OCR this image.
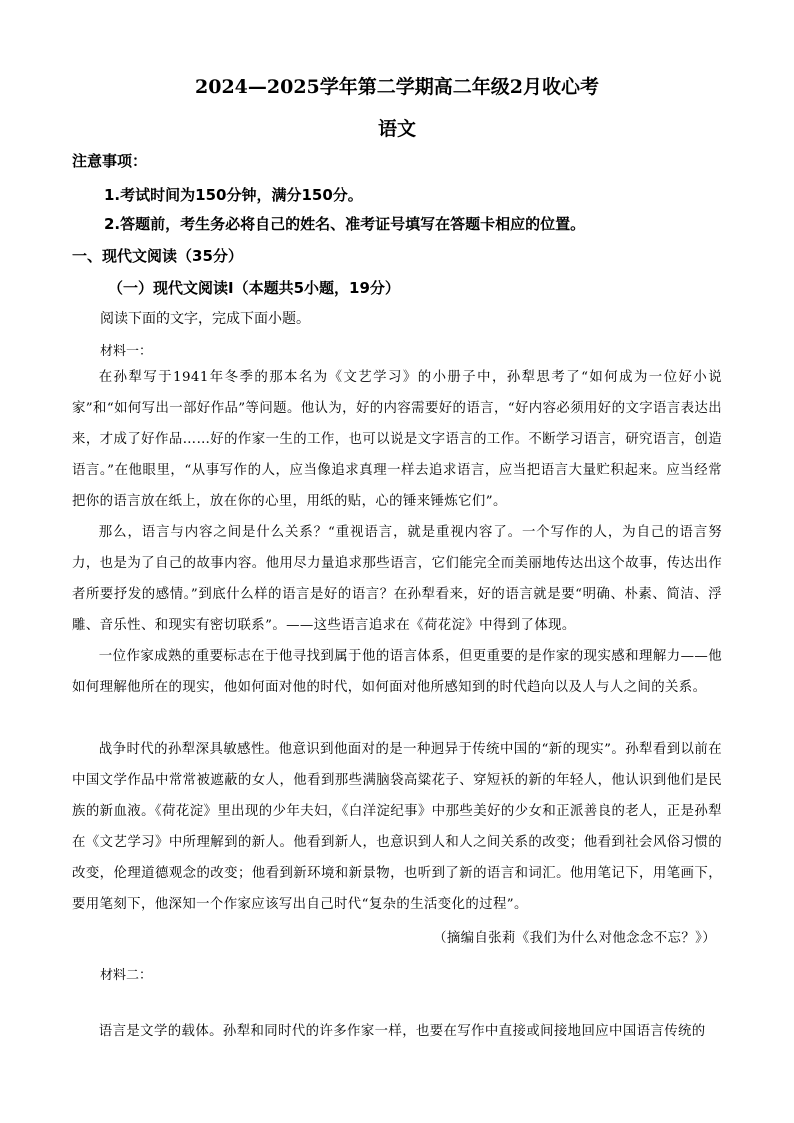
2024—2025学年第二学期高二年级2月收心考
语文
注意事项：
1.考试时间为150分钟，满分150分。
2.答题前，考生务必将自己的姓名、准考证号填写在答题卡相应的位置。
一、现代文阅读（35分）
（一）现代文阅读Ⅰ（本题共5小题，19分）
阅读下面的文字，完成下面小题。
材料一：
在孙犁写于1941年冬季的那本名为《文艺学习》的小册子中，孙犁思考了“如何成为一位好小说家”和“如何写出一部好作品”等问题。他认为，好的内容需要好的语言，“好内容必须用好的文字语言表达出来，才成了好作品……好的作家一生的工作，也可以说是文字语言的工作。不断学习语言，研究语言，创造语言。”在他眼里，“从事写作的人，应当像追求真理一样去追求语言，应当把语言大量贮积起来。应当经常把你的语言放在纸上，放在你的心里，用纸的贴，心的锤来锤炼它们”。
那么，语言与内容之间是什么关系？“重视语言，就是重视内容了。一个写作的人，为自己的语言努力，也是为了自己的故事内容。他用尽力量追求那些语言，它们能完全而美丽地传达出这个故事，传达出作者所要抒发的感情。”到底什么样的语言是好的语言？在孙犁看来，好的语言就是要“明确、朴素、简洁、浮雕、音乐性、和现实有密切联系”。——这些语言追求在《荷花淀》中得到了体现。
一位作家成熟的重要标志在于他寻找到属于他的语言体系，但更重要的是作家的现实感和理解力——他如何理解他所在的现实，他如何面对他的时代，如何面对他所感知到的时代趋向以及人与人之间的关系。
战争时代的孙犁深具敏感性。他意识到他面对的是一种迥异于传统中国的“新的现实”。孙犁看到以前在中国文学作品中常常被遮蔽的女人，他看到那些满脑袋高粱花子、穿短袄的新的年轻人，他认识到他们是民族的新血液。《荷花淀》里出现的少年夫妇，《白洋淀纪事》中那些美好的少女和正派善良的老人，正是孙犁在《文艺学习》中所理解到的新人。他看到新人，也意识到人和人之间关系的改变；他看到社会风俗习惯的改变，伦理道德观念的改变；他看到新环境和新景物，也听到了新的语言和词汇。他用笔记下，用笔画下，要用笔刻下，他深知一个作家应该写出自己时代“复杂的生活变化的过程”。
（摘编自张莉《我们为什么对他念念不忘？》）
材料二：
语言是文学的载体。孙犁和同时代的许多作家一样，也要在写作中直接或间接地回应中国语言传统的
